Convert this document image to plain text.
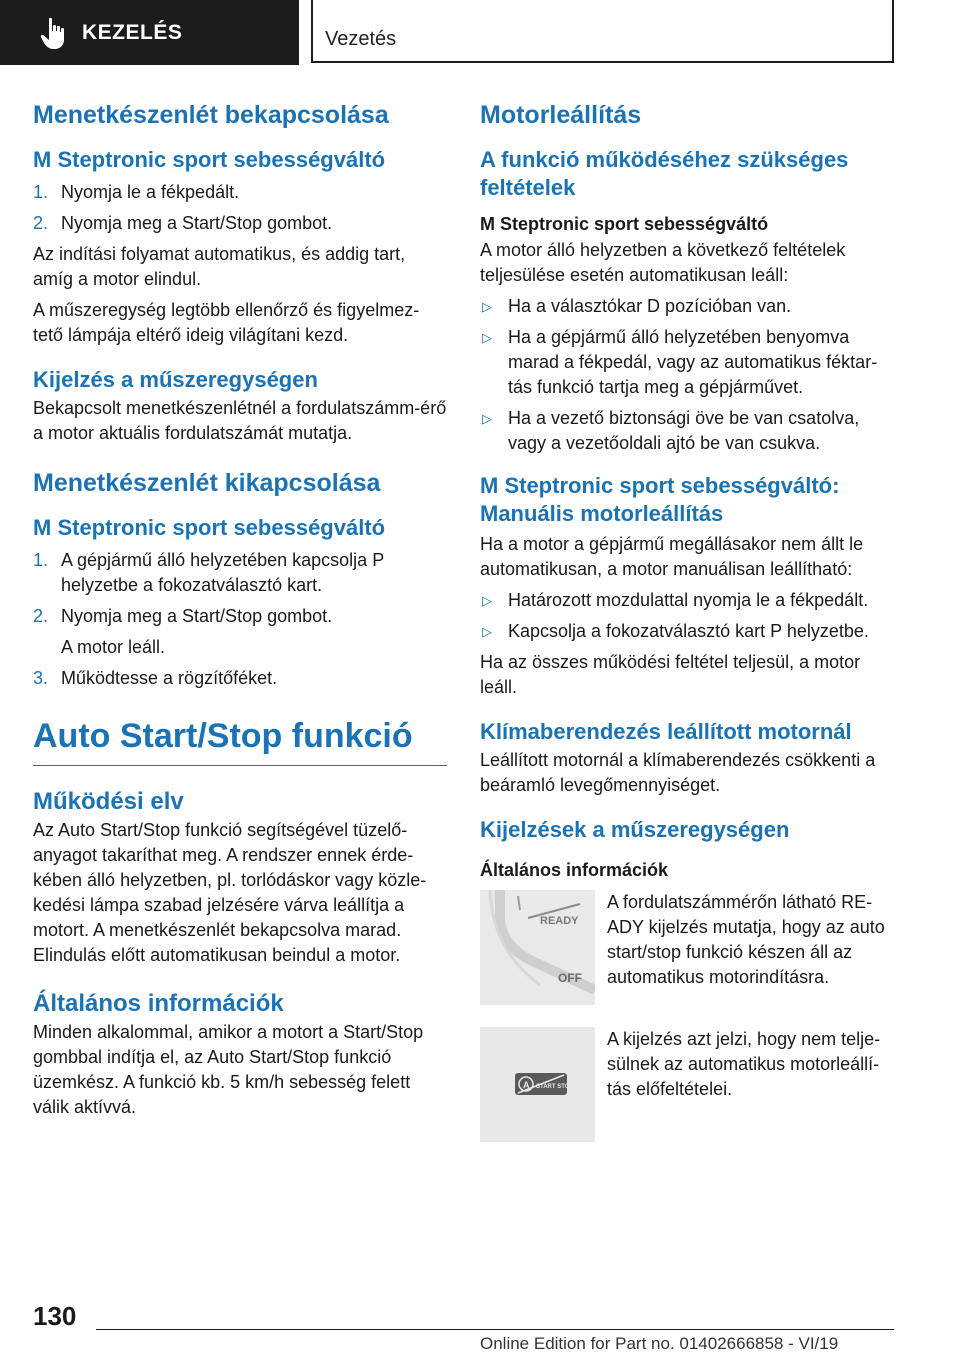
KEZELÉS	Vezetés
Menetkészenlét bekapcsolása
M Steptronic sport sebességváltó
1. Nyomja le a fékpedált.
2. Nyomja meg a Start/Stop gombot.

Az indítási folyamat automatikus, és addig tart, amíg a motor elindul.

A műszeregység legtöbb ellenőrző és figyelmez-tető lámpája eltérő ideig világítani kezd.

Kijelzés a műszeregységen

Bekapcsolt menetkészenlétnél a fordulatszámm-érő a motor aktuális fordulatszámát mutatja.

Menetkészenlét kikapcsolása
M Steptronic sport sebességváltó
1. A gépjármű álló helyzetében kapcsolja P helyzetbe a fokozatválasztó kart.
2. Nyomja meg a Start/Stop gombot.
A motor leáll.
3. Működtesse a rögzítőféket.
Auto Start/Stop funkció
Működési elv

Az Auto Start/Stop funkció segítségével tüzelő-anyagot takaríthat meg. A rendszer ennek érde-kében álló helyzetben, pl. torlódáskor vagy közle-kedési lámpa szabad jelzésére várva leállítja a motort. A menetkészenlét bekapcsolva marad. Elindulás előtt automatikusan beindul a motor.

Általános információk

Minden alkalommal, amikor a motort a Start/Stop gombbal indítja el, az Auto Start/Stop funkció üzemkész. A funkció kb. 5 km/h sebesség felett válik aktívvá.

Motorleállítás
A funkció működéséhez szükséges feltételek
M Steptronic sport sebességváltó

A motor álló helyzetben a következő feltételek teljesülése esetén automatikusan leáll:

▷ Ha a választókar D pozícióban van.
▷ Ha a gépjármű álló helyzetében benyomva marad a fékpedál, vagy az automatikus féktar-tás funkció tartja meg a gépjárművet.
▷ Ha a vezető biztonsági öve be van csatolva, vagy a vezetőoldali ajtó be van csukva.
M Steptronic sport sebességváltó: Manuális motorleállítás

Ha a motor a gépjármű megállásakor nem állt le automatikusan, a motor manuálisan leállítható:

▷ Határozott mozdulattal nyomja le a fékpedált.
▷ Kapcsolja a fokozatválasztó kart P helyzetbe.

Ha az összes működési feltétel teljesül, a motor leáll.

Klímaberendezés leállított motornál

Leállított motornál a klímaberendezés csökkenti a beáramló levegőmennyiséget.

Kijelzések a műszeregységen
Általános információk
READY
OFF

A fordulatszámmérőn látható RE-ADY kijelzés mutatja, hogy az auto start/stop funkció készen áll az automatikus motorindításra.

A START STOP

A kijelzés azt jelzi, hogy nem telje-sülnek az automatikus motorleállí-tás előfeltételei.

130
Online Edition for Part no. 01402666858 - VI/19
